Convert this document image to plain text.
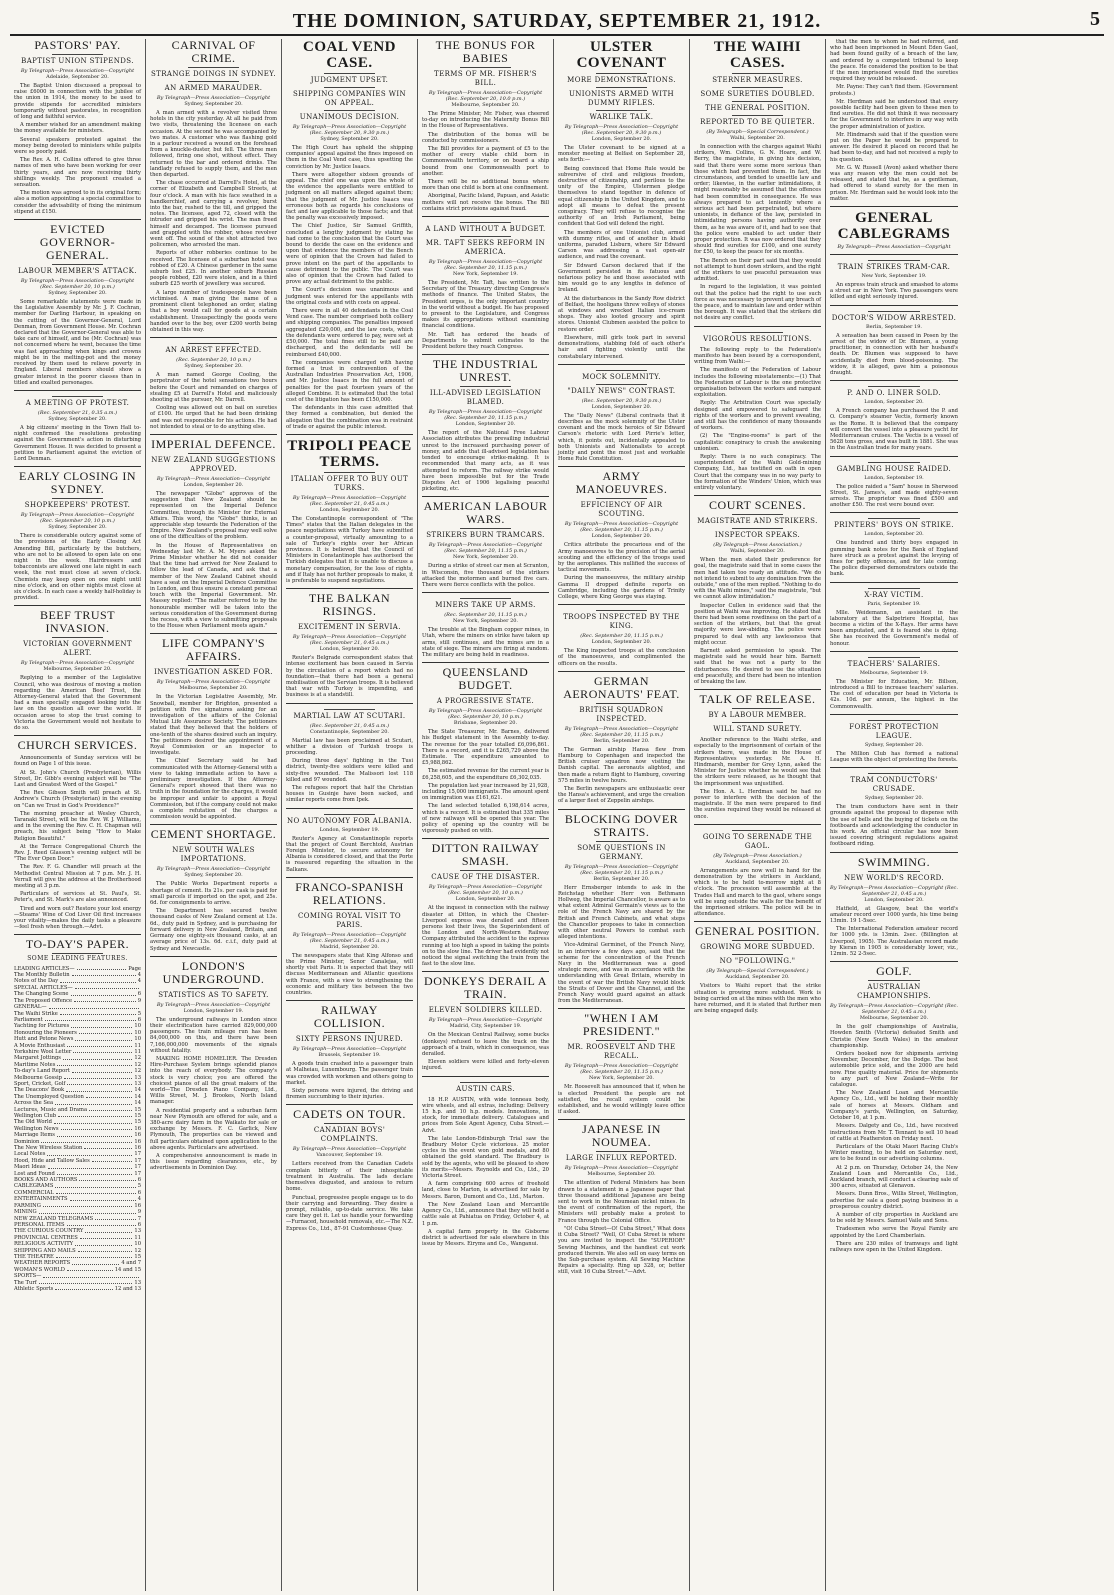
THE DOMINION, SATURDAY, SEPTEMBER 21, 1912.	5
PASTORS' PAY.
BAPTIST UNION STIPENDS.
By Telegraph—Press Association—Copyright
Adelaide, September 20.

The Baptist Union discussed a proposal to raise £6000 in connection with the jubilee of the union in 1914, the money to be used to provide stipends for accredited ministers temporarily without pastorates, in recognition of long and faithful service.

A member wished for an amendment making the money available for ministers.

Several speakers protested against the money being devoted to ministers while pulpits were so poorly paid.

The Rev. A. H. Collins offered to give three names of men who have been working for over thirty years, and are now receiving thirty shillings weekly. The proponent created a sensation.

The motion was agreed to in its original form; also a motion appointing a special committee to consider the advisability of fixing the minimum stipend at £150.

EVICTED GOVERNOR-GENERAL.
LABOUR MEMBER'S ATTACK.
By Telegraph—Press Association—Copyright (Rec. September 20, 10 p.m.)
Sydney, September 20.

Some remarkable statements were made in the Legislative Assembly by Mr. J. F. Cochran, member for Darling Harbour, in speaking on the cutting of the Governor-General, Lord Denman, from Government House. Mr. Cochran declared that the Governor-General was able to take care of himself, and he (Mr. Cochran) was not concerned where he went, because the time was fast approaching when kings and crowns might be in the melting-pot and the money received by them used to relieve poverty in England. Liberal members should show a greater interest in the poorer classes than in titled and exalted personages.

A MEETING OF PROTEST.
(Rec. September 21, 0.35 a.m.)
Sydney, September 20.

A big citizens' meeting in the Town Hall to-night confirmed the resolutions protesting against the Government's action in disturbing Government House. It was decided to present a petition to Parliament against the eviction of Lord Denman.

EARLY CLOSING IN SYDNEY.
SHOPKEEPERS' PROTEST.
By Telegraph—Press Association—Copyright (Rec. September 20, 10 p.m.)
Sydney, September 20.

There is considerable outcry against some of the provisions of the Early Closing Act Amending Bill, particularly by the butchers, who are not to be allowed to open late on one night in the week. Hairdressers and tobacconists are allowed one late night in each week, the rest must close at seven o'clock. Chemists may keep open on one night until nine o'clock, and on other nights must close at six o'clock. In each case a weekly half-holiday is provided.

BEEF TRUST INVASION.
VICTORIAN GOVERNMENT ALERT.
By Telegraph—Press Association—Copyright
Melbourne, September 20.

Replying to a member of the Legislative Council, who was desirous of moving a motion regarding the American Beef Trust, the Attorney-General stated that the Government had a man specially engaged looking into the law on the question all over the world. If occasion arose to stop the trust coming to Victoria the Government would not hesitate to do so.

CHURCH SERVICES.

Announcements of Sunday services will be found on Page 1 of this issue.

At St. John's Church (Presbyterian), Willis Street, Dr. Gibb's evening subject will be "The Last and Greatest Word of the Gospel."

The Rev. Gibson Smith will preach at St. Andrew's Church (Presbyterian) in the evening on "Can we Trust in God's Providence?"

The morning preacher at Wesley Church, Taranaki Street, will be the Rev. W. J. Williams, and in the evening the Rev. C. H. Chapman will preach, his subject being "How to Make Religion Beautiful."

At the Terrace Congregational Church the Rev. J. Reed Glasson's evening subject will be "The Ever Open Door."

The Rev. F. G. Chandler will preach at the Methodist Central Mission at 7 p.m. Mr. J. H. Verrall will give the address at the Brotherhood meeting at 3 p.m.

Particulars of services at St. Paul's, St. Peter's, and St. Mark's are also announced.

Tired and worn out? Restore your lost energy—Steams' Wine of Cod Liver Oil first increases your vitality—makes the daily tasks a pleasure—feel fresh when through.—Advt.

TO-DAY'S PAPER.
SOME LEADING FEATURES.
LEADING ARTICLES—	Page
The Monthly Bulletin	4
Notes of the Day	4
SPECIAL ARTICLES—
The Changing Scene	6
The Proposed Offence	9
GENERAL—
The Waihi Strike	5
Parliament	6
Yachting for Pictures	10
Honouring the Pioneers	10
Hutt and Petone News	10
A Movie Enthusiast	11
Yorkshire Wool Letter	11
Margaret Jottings	12
Maritime Notes	12
To-day's Land Report	12
Melbourne Gossip	13
Sport, Cricket, Golf	13
The Deacons' Book	14
The Unemployed Question	14
Across the Sea	14
Lectures, Music and Drama	15
Wellington Club	15
The Old World	15
Wellington News	16
Marriage Items	16
Dominion	16
The New Wireless Station	16
Local Notes	17
Hood, Hide and Tallow Sales	17
Maori Ideas	17
Lost and Found	17
BOOKS AND AUTHORS	6
CABLEGRAMS	5
COMMERCIAL	6
ENTERTAINMENTS	4
FARMING	16
MINING	9
NEW ZEALAND TELEGRAMS	7
PERSONAL ITEMS	6
THE CURIOUS COUNTRY	13
PROVINCIAL CENTRES	11
RELIGIOUS ACTIVITY	10
SHIPPING AND MAILS	12
THE THEATRE	15
WEATHER REPORTS	4 and 7
WOMAN'S WORLD	14 and 15
SPORTS—
The Turf	13
Athletic Sports	12 and 13
CARNIVAL OF CRIME.
STRANGE DOINGS IN SYDNEY.
AN ARMED MARAUDER.
By Telegraph—Press Association—Copyright
Sydney, September 20.

A man armed with a revolver visited three hotels in the city yesterday. At all he paid from two visits, threatening the licensee on each occasion. At the second he was accompanied by two mates. A customer who was flashing gold in a parlour received a wound on the forehead from a knuckle-duster, but fell. The three men followed, firing one shot, without effect. They returned to the bar and ordered drinks. The landlady refused to supply them, and the men then departed.

The chase occurred at Darrell's Hotel, at the corner of Elizabeth and Campbell Streets, at four o'clock. A man with his face swathed in a handkerchief, and carrying a revolver, burst into the bar, rushed to the till, and gripped the notes. The licensee, aged 72, closed with the intruder and gripped his wrist. The man freed himself and decamped. The licensee pursued and grappled with the robber, whose revolver went off. The sound of the shot attracted two policemen, who arrested the man.

Reports of other robberies continue to be received. The licensee of a suburban hotel was robbed of £20. A Chinese gardener in the same suburb lost £25. In another suburb Russian people robbed, £20 were stolen, and in a third suburb £25 worth of jewellery was secured.

A large number of tradespeople have been victimised. A man giving the name of a prominent client telephoned an order, stating that a boy would call for goods at a certain establishment. Unsuspectingly the goods were handed over to the boy, over £200 worth being obtained in this way.

AN ARREST EFFECTED.
(Rec. September 20, 10 p.m.)
Sydney, September 20.

A man named George Cooling, the perpetrator of the hotel sensations two hours before the Court and remanded on charges of stealing £5 at Darrell's Hotel and maliciously shooting at the pursuer, Mr. Darrell.

Cooling was allowed out on bail on sureties of £100. He urged that he had been drinking and was not responsible for his actions. He had not intended to steal or to do anything else.

IMPERIAL DEFENCE.
NEW ZEALAND SUGGESTIONS APPROVED.
By Telegraph—Press Association—Copyright
London, September 20.

The newspaper "Globe" approves of the suggestion that New Zealand should be represented on the Imperial Defence Committee, through its Minister for External Affairs. This word, the "Globe" thinks, is an appreciable step towards the Federation of the Empire. New Zealand's proposal may well solve one of the difficulties of the problem.

In the House of Representatives on Wednesday last Mr. A. M. Myers asked the Prime Minister whether he did not consider that the time had arrived for New Zealand to follow the lead of Canada, and ask that a member of the New Zealand Cabinet should have a seat on the Imperial Defence Committee in London, and thus ensure a constant personal touch with the Imperial Government. Mr. Massey replied: "The matter referred to by the honourable member will be taken into the serious consideration of the Government during the recess, with a view to submitting proposals to the House when Parliament meets again."

LIFE COMPANY'S AFFAIRS.
INVESTIGATION ASKED FOR.
By Telegraph—Press Association—Copyright
Melbourne, September 20.

In the Victorian Legislative Assembly, Mr. Snowball, member for Brighton, presented a petition with five signatures asking for an investigation of the affairs of the Colonial Mutual Life Assurance Society. The petitioners stated that they believed that the holders of one-tenth of the shares desired such an inquiry. The petitioners desired the appointment of a Royal Commission or an inspector to investigate.

The Chief Secretary said he had communicated with the Attorney-General with a view to taking immediate action to have a preliminary investigation. If the Attorney-General's report showed that there was no truth in the foundation for the charges, it would be improper and unfair to appoint a Royal Commission, but if the company could not make a complete refutation of the charges a commission would be appointed.

CEMENT SHORTAGE.
NEW SOUTH WALES IMPORTATIONS.
By Telegraph—Press Association—Copyright
Sydney, September 20.

The Public Works Department reports a shortage of cement. Its 21s. per cask is paid for small parcels if imported on the spot, and 25s. 6d. for consignments to arrive.

The Department has secured twelve thousand casks of New Zealand cement at 13s. 6d., duty paid in Sydney, and is purchasing for forward delivery in New Zealand, Britain, and Germany one eighty-six thousand casks, at an average price of 13s. 6d. c.i.f., duty paid at Sydney and Newcastle.

LONDON'S UNDERGROUND.
STATISTICS AS TO SAFETY.
By Telegraph—Press Association—Copyright
London, September 19.

The underground railways in London since their electrification have carried 829,000,000 passengers. The train mileage run has been 84,000,000 on this, and there have been 7,166,000,000 movements of the signals without fatality.

MAKING HOME HOMELIER. The Dresden Hire-Purchase System brings splendid pianos into the reach of everybody. The company's stock is very choice; you are offered the choicest pianos of all the great makers of the world—The Dresden Piano Company, Ltd., Willis Street, M. J. Brookes, North Island manager.

A residential property and a suburban farm near New Plymouth are offered for sale, and a 380-acre dairy farm in the Waikato for sale or exchange by Messrs. F. C. Garlick, New Plymouth, The properties can be viewed and full particulars obtained upon application to the above agents. Particulars are advertised.

A comprehensive announcement is made in this issue regarding clearances, etc., by advertisements in Dominion Day.

COAL VEND CASE.
JUDGMENT UPSET.
SHIPPING COMPANIES WIN ON APPEAL.
UNANIMOUS DECISION.
By Telegraph—Press Association—Copyright (Rec. September 20, 9.30 p.m.)
Sydney, September 20.

The High Court has upheld the shipping companies' appeal against the fines imposed on them in the Coal Vend case, thus upsetting the conviction by Mr. Justice Isaacs.

There were altogether sixteen grounds of appeal. The chief one was upon the whole of the evidence the appellants were entitled to judgment on all matters alleged against them; that the judgment of Mr. Justice Isaacs was erroneous both as regards his conclusions of fact and law applicable to those facts; and that the penalty was excessively imposed.

The Chief Justice, Sir Samuel Griffith, concluded a lengthy judgment by stating he had come to the conclusion that the Court was bound to decide the case on the evidence and upon that evidence the members of the Bench were of opinion that the Crown had failed to prove intent on the part of the appellants to cause detriment to the public. The Court was also of opinion that the Crown had failed to prove any actual detriment to the public.

The Court's decision was unanimous and judgment was entered for the appellants with the original costs and with costs on appeal.

There were in all 40 defendants in the Coal Vend case. The number comprised both colliery and shipping companies. The penalties imposed aggregated £20,000, and the law costs, which the defendants were ordered to pay, were set at £50,000. The total fines still to be paid are discharged, and the defendants will be reimbursed £40,000.

The companies were charged with having formed a trust in contravention of the Australian Industries Preservation Act, 1906, and Mr. Justice Isaacs in the full amount of penalties for the past fourteen years of the alleged Combine. It is estimated that the total cost of the litigation has been £150,000.

The defendants in this case admitted that they formed a combination, but denied the allegation that the combination was in restraint of trade or against the public interest.

TRIPOLI PEACE TERMS.
ITALIAN OFFER TO BUY OUT TURKS.
By Telegraph—Press Association—Copyright (Rec. September 21, 0.45 a.m.)
London, September 20.

The Constantinople correspondent of "The Times" states that the Italian delegates in the peace negotiations with Turkey have submitted a counter-proposal, virtually amounting to a sale of Turkey's rights over her African provinces. It is believed that the Council of Ministers in Constantinople has authorised the Turkish delegates that it is unable to discuss a monetary compensation, for the loss of rights, and if Italy has not further proposals to make, it is preferable to suspend negotiations.

THE BALKAN RISINGS.
EXCITEMENT IN SERVIA.
By Telegraph—Press Association—Copyright (Rec. September 21, 0.45 a.m.)
London, September 20.

Reuter's Belgrade correspondent states that intense excitement has been caused in Servia by the circulation of a report which had no foundation—that there had been a general mobilisation of the Servian troops. It is believed that war with Turkey is impending, and business is at a standstill.

MARTIAL LAW AT SCUTARI.
(Rec. September 21, 0.45 a.m.)
Constantinople, September 20.

Martial law has been proclaimed at Scutari, whither a division of Turkish troops is proceeding.

During three days' fighting in the Tusi district, twenty-five soldiers were killed and sixty-five wounded. The Malissori lost 118 killed and 97 wounded.

The refugees report that half the Christian houses in Gusinje have been sacked, and similar reports come from Ipek.

NO AUTONOMY FOR ALBANIA.
London, September 19.

Reuter's Agency at Constantinople reports that the project of Count Berchtold, Austrian Foreign Minister, to secure autonomy for Albania is considered closed, and that the Porte is reassured regarding the situation in the Balkans.

FRANCO-SPANISH RELATIONS.
COMING ROYAL VISIT TO PARIS.
By Telegraph—Press Association—Copyright (Rec. September 21, 0.45 a.m.)
Madrid, September 20.

The newspapers state that King Alfonso and the Prime Minister, Senor Canalejas, will shortly visit Paris. It is expected that they will discuss Mediterranean and Atlantic questions with France, with a view to strengthening the economic and military ties between the two countries.

RAILWAY COLLISION.
SIXTY PERSONS INJURED.
By Telegraph—Press Association—Copyright
Brussels, September 19.

A goods train crashed into a passenger train at Malheiau, Luxembourg. The passenger train was crowded with workmen and others going to market.

Sixty persons were injured, the driving and firemen succumbing to their injuries.

CADETS ON TOUR.
CANADIAN BOYS' COMPLAINTS.
By Telegraph—Press Association—Copyright
Vancouver, September 19.

Letters received from the Canadian Cadets complain bitterly of their inhospitable treatment in Australia. The lads declare themselves disgusted, and anxious to return home.

Punctual, progressive people engage us to do their carrying and forwarding. They desire a prompt, reliable, up-to-date service. We take care they get it. Let us handle your forwarding—Furnaced, household removals, etc.—The N.Z. Express Co., Ltd., 87-91 Customhouse Quay.

THE BONUS FOR BABIES
TERMS OF MR. FISHER'S BILL.
By Telegraph—Press Association—Copyright (Rec. September 20, 10.0 p.m.)
Melbourne, September 20.

The Prime Minister, Mr. Fisher, was cheered to-day on introducing the Maternity Bonus Bill in the House of Representatives.

The distribution of the bonus will be conducted by commissioners.

The Bill provides for a payment of £5 to the mother of every viable child born in Commonwealth territory, or on board a ship bound from one Commonwealth port to another.

There will be no additional bonus where more than one child is born at one confinement.

Aboriginal, Pacific Island, Papuan, and Asiatic mothers will not receive the bonus. The Bill contains strict provisions against fraud.

A LAND WITHOUT A BUDGET.
MR. TAFT SEEKS REFORM IN AMERICA.
By Telegraph—Press Association—Copyright (Rec. September 20, 11.15 p.m.)
New York, September 19.

The President, Mr. Taft, has written to the Secretary of the Treasury directing Congress's methods of finance. The United States, the President urges, is the only important country in the world without a budget. He has proposed to present to the Legislature, and Congress makes its appropriations without examining financial conditions.

Mr. Taft has ordered the heads of Departments to submit estimates to the President before they reach Congress.

THE INDUSTRIAL UNREST.
ILL-ADVISED LEGISLATION BLAMED.
By Telegraph—Press Association—Copyright (Rec. September 20, 11.15 p.m.)
London, September 20.

The report of the National Free Labour Association attributes the prevailing industrial unrest to the increased purchasing power of money, and adds that ill-advised legislation has tended to encourage strike-making. It is recommended that many acts, as it was attempted to reform. The railway strike would have been impossible but for the Trade Disputes Act of 1906 legalising peaceful picketing, etc.

AMERICAN LABOUR WARS.
STRIKERS BURN TRAMCARS.
By Telegraph—Press Association—Copyright (Rec. September 20, 11.15 p.m.)
New York, September 20.

During a strike of street car men at Scranton, in Wisconsin, five thousand of the strikers attacked the motormen and burned five cars. There were fierce conflicts with the police.

MINERS TAKE UP ARMS.
(Rec. September 20, 11.15 p.m.)
New York, September 20.

The trouble at the Bingham copper mines, in Utah, where the miners on strike have taken up arms, still continues, and the mines are in a state of siege. The miners are firing at random. The military are being held in readiness.

QUEENSLAND BUDGET.
A PROGRESSIVE STATE.
By Telegraph—Press Association—Copyright (Rec. September 20, 10 p.m.)
Brisbane, September 20.

The State Treasurer, Mr. Barnes, delivered his Budget statement in the Assembly to-day. The revenue for the year totalled £6,096,861. There is a record, and it is £265,729 above the Estimate. The expenditure amounted to £5,988,862.

The estimated revenue for the current year is £6,258,605, and the expenditure £6,302,035.

The population last year increased by 21,928, including 15,000 immigrants. The amount spent on immigration was £161,621.

The land selected totalled 6,198,614 acres, which is a record. It is estimated that 335 miles of new railways will be opened this year. The policy of opening up the country will be vigorously pushed on with.

DITTON RAILWAY SMASH.
CAUSE OF THE DISASTER.
By Telegraph—Press Association—Copyright (Rec. September 20, 10 p.m.)
London, September 20.

At the inquest in connection with the railway disaster at Ditton, in which the Chester-Liverpool express was derailed and fifteen persons lost their lives, the Superintendent of the London and North-Western Railway Company attributed the accident to the express running at too high a speed in taking the points on to the slow line. The driver had evidently not noticed the signal switching the train from the fast to the slow line.

DONKEYS DERAIL A TRAIN.
ELEVEN SOLDIERS KILLED.
By Telegraph—Press Association—Copyright
Madrid, City, September 19.

On the Mexican Central Railway, some bucks (donkeys) refused to leave the track on the approach of a train, which in consequence, was derailed.

Eleven soldiers were killed and forty-eleven injured.

AUSTIN CARS.

18 H.P. AUSTIN, with wide tonneau body, wire wheels, and all extras, including: Delivery 15 h.p. and 10 h.p. models. Innovations, in stock, for immediate delivery. Catalogues and prices from Sole Agent Agency, Cuba Street.—Advt.

The late London-Edinburgh Trial saw the Bradbury Motor Cycle victorious. 25 motor cycles in the event won gold medals, and 80 obtained the gold standard. The Bradbury is sold by the agents, who will be pleased to show its merits—Messrs. Reynolds and Co., Ltd., 20 Victoria Street.

A farm comprising 600 acres of freehold land, close to Marton, is advertised for sale by Messrs. Baron, Dumont and Co., Ltd., Marton.

The New Zealand Loan and Mercantile Agency Co., Ltd., announce that they will hold a cattle sale at Pahiatua on Friday, October 4, at 1 p.m.

A capital farm property in the Gisborne district is advertised for sale elsewhere in this issue by Messrs. Eiryms and Co., Wanganui.

ULSTER COVENANT
MORE DEMONSTRATIONS.
UNIONISTS ARMED WITH DUMMY RIFLES.
WARLIKE TALK.
By Telegraph—Press Association—Copyright (Rec. September 20, 9.30 p.m.)
London, September 20.

The Ulster covenant to be signed at a monster meeting at Belfast on September 28, sets forth:—

Being convinced that Home Rule would be subversive of civil and religious freedom, destructive of citizenship, and perilous to the unity of the Empire, Ulstermen pledge themselves to stand together in defence of equal citizenship in the United Kingdom, and to adopt all means to defeat the present conspiracy. They will refuse to recognise the authority of an Irish Parliament, being confident that God will defend the right.

The members of one Unionist club, armed with dummy rifles, and of another in khaki uniforms, paraded Lisburn, where Sir Edward Carson was addressing a vast open-air audience, and read the covenant.

Sir Edward Carson declared that if the Government persisted in its fatuous and nefarious policy he and those associated with him would go to any lengths in defence of Ireland.

At the disturbances in the Sandy Row district of Belfast, the hooligans threw volleys of stones at windows and wrecked Italian ice-cream shops. They also looted grocery and spirit stores. Unionist Clubmen assisted the police to restore order.

Elsewhere, mill girls took part in several demonstrations, stabbing fold of each other's hair and fighting violently until the constabulary intervened.

MOCK SOLEMNITY.
"DAILY NEWS" CONTRAST.
(Rec. September 20, 9.30 p.m.)
London, September 20.

The "Daily News" (Liberal contrasts that it describes as the mock solemnity of the Ulster covenant and the mock heroics of Sir Edward Carson's rhetoric with Lord Pirrie's letter, which, it points out, incidentally appealed to both Unionists and Nationalists to accept jointly and point the most just and workable Home Rule Constitution.

ARMY MANOEUVRES.
EFFICIENCY OF AIR SCOUTING.
By Telegraph—Press Association—Copyright (Rec. September 20, 11.15 p.m.)
London, September 20.

Critics attribute the precarious end of the Army manoeuvres to the precision of the aerial scouting and the efficiency of the troops used by the aeroplanes. This nullified the success of tactical movements.

During the manoeuvres, the military airship Gamma II dropped definite reports on Cambridge, including the gardens of Trinity College, where King George was staying.

TROOPS INSPECTED BY THE KING.
(Rec. September 20, 11.15 p.m.)
London, September 20.

The King inspected troops at the conclusion of the manoeuvres, and complimented the officers on the results.

GERMAN AERONAUTS' FEAT.
BRITISH SQUADRON INSPECTED.
By Telegraph—Press Association—Copyright (Rec. September 20, 11.15 p.m.)
Berlin, September 20.

The German airship Hansa flew from Hamburg to Copenhagen and inspected the British cruiser squadron now visiting the Danish capital. The aeronauts alighted, and then made a return flight to Hamburg, covering 575 miles in twelve hours.

The Berlin newspapers are enthusiastic over the Hansa's achievement, and urge the creation of a larger fleet of Zeppelin airships.

BLOCKING DOVER STRAITS.
SOME QUESTIONS IN GERMANY.
By Telegraph—Press Association—Copyright (Rec. September 20, 11.15 p.m.)
Berlin, September 20.

Herr Ernsberger intends to ask in the Reichstag whether Herr von Bethmann Hollweg, the Imperial Chancellor, is aware as to what extent Admiral Germain's views as to the role of the French Navy are shared by the British and French Cabinets, and what steps the Chancellor proposes to take in connection with other neutral Powers to combat such alleged intentions.

Vice-Admiral Germinet, of the French Navy, in an interview a few days ago, said that the scheme for the concentration of the French Navy in the Mediterranean was a good strategic move, and was in accordance with the understanding with Great Britain, whereby in the event of war the British Navy would block the Straits of Dover and the Channel, and the French Navy would guard against an attack from the Mediterranean.

"WHEN I AM PRESIDENT."
MR. ROOSEVELT AND THE RECALL.
By Telegraph—Press Association—Copyright (Rec. September 20, 11.15 p.m.)
New York, September 20.

Mr. Roosevelt has announced that if, when he is elected President the people are not satisfied, the recall system could be established, and he would willingly leave office if asked.

JAPANESE IN NOUMEA.
LARGE INFLUX REPORTED.
By Telegraph—Press Association—Copyright
Melbourne, September 20.

The attention of Federal Ministers has been drawn to a statement in a Japanese paper that three thousand additional Japanese are being sent to work in the Noumean nickel mines. In the event of confirmation of the report, the Ministers will probably make a protest to France through the Colonial Office.

"O! Cuba Street—O! Cuba Street," What does it Cuba Street? "Well, O! Cuba Street is where you are invited to inspect the "SUPERIOR" Sewing Machines, and the handiest cut work produced therein. We also sell on easy terms on the Sub-purchase system. All Sewing Machine Repairs a speciality. Ring up 328, or, better still, visit 16 Cuba Street."—Advt.

THE WAIHI CASES.
STERNER MEASURES.
SOME SURETIES DOUBLED.
THE GENERAL POSITION.
REPORTED TO BE QUIETER.
(By Telegraph—Special Correspondent.)
Waihi, September 20.

In connection with the charges against Waihi strikers, Wm. Collins, G. N. Hoare, and W. Berry, the magistrate, in giving his decision, said that there were some more serious than those which had prevented them. In fact, the circumstances, and tended to unsettle law and order; likewise, in the earlier intimidations, it might reasonably be assumed that the offences had been committed in consequence. He was always prepared to act leniently where a serious act had been perpetrated, but where unionists, in defiance of the law, persisted in intimidating persons having authority over them, as he was aware of it, and had to see that the police were enabled to act under their proper protection. It was now ordered that they should find sureties for £100, and one surety for £50, to keep the peace for six months.

The Bench on their part said that they would not attempt to hunt down strikers, and the right of the strikers to use peaceful persuasion was admitted.

In regard to the legislation, it was pointed out that the police had the right to use such force as was necessary to prevent any breach of the peace, and to maintain law and order within the borough. It was stated that the strikers did not desire any conflict.

VIGOROUS RESOLUTIONS.

The following reply to the Federation's manifesto has been issued by a correspondent, writing from Waihi:—

The manifesto of the Federation of Labour includes the following misstatements:—(1) That the Federation of Labour is the one protective organisation between the workers and rampant exploitation.

Reply: The Arbitration Court was specially designed and empowered to safeguard the rights of the workers and to prevent sweating, and still has the confidence of many thousands of workers.

(2) The "Engine-rooms" is part of the capitalistic conspiracy to crush the awakening unionism.

Reply: There is no such conspiracy. The superintendent of the Waihi Gold-mining Company, Ltd., has testified on oath in open Court that the company was in no way party to the formation of the Winders' Union, which was entirely voluntary.

COURT SCENES.
MAGISTRATE AND STRIKERS.
INSPECTOR SPEAKS.
(By Telegraph—Press Association.)
Waihi, September 20.

When the men stated their preference for goal, the magistrate said that in some cases the men had taken too ready an attitude. "We do not intend to submit to any domination from the outside," one of the men replied. "Nothing to do with the Waihi mines," said the magistrate, "but we cannot allow intimidation."

Inspector Cullen in evidence said that the position at Waihi was improving. He stated that there had been some rowdiness on the part of a section of the strikers, but that the great majority were law-abiding. The police were prepared to deal with any lawlessness that might occur.

Barnett asked permission to speak. The magistrate said he would hear him. Barnett said that he was not a party to the disturbances. He desired to see the situation end peacefully, and there had been no intention of breaking the law.

TALK OF RELEASE.
BY A LABOUR MEMBER.
WILL STAND SURETY.

Another reference to the Waihi strike, and especially to the imprisonment of certain of the strikers there, was made in the House of Representatives yesterday. Mr. A. H. Hindmarsh, member for Grey Lynn, asked the Minister for Justice whether he would see that the strikers were released, as he thought that the imprisonment was unjustified.

The Hon. A. L. Herdman said he had no power to interfere with the decision of the magistrate. If the men were prepared to find the sureties required they would be released at once.

GOING TO SERENADE THE GAOL.
(By Telegraph—Press Association.)
Auckland, September 20.

Arrangements are now well in hand for the demonstration by the strikers in Auckland, which is to be held to-morrow night at 8 o'clock. The procession will assemble at the Trades Hall and march to the gaol, where songs will be sung outside the walls for the benefit of the imprisoned strikers. The police will be in attendance.

GENERAL POSITION.
GROWING MORE SUBDUED.
NO "FOLLOWING."
(By Telegraph—Special Correspondent.)
Auckland, September 20.

Visitors to Waihi report that the strike situation is growing more subdued. Work is being carried on at the mines with the men who have returned, and it is stated that further men are being engaged daily.

that the men to whom he had referred, and who had been imprisoned in Mount Eden Gaol, had been found guilty of a breach of the law, and ordered by a competent tribunal to keep the peace. He considered the position to be that if the men imprisoned would find the sureties required they would be released.

Mr. Payne: They can't find them. (Government protests.)

Mr. Herdman said he understood that every possible facility had been given to these men to find sureties. He did not think it was necessary for the Government to interfere in any way with the proper administration of justice.

Mr. Hindmarsh said that if the question were put on the Paper he would be prepared to answer. He desired it placed on record that he had been to-day, and had not received a reply to his question.

Mr. G. W. Russell (Avon) asked whether there was any reason why the men could not be released, and stated that he, as a gentleman, had offered to stand surety for the men in prison. Mr. Herdman said he would look into the matter.

GENERAL CABLEGRAMS
By Telegraph—Press Association—Copyright
TRAIN STRIKES TRAM-CAR.
New York, September 19.

An express train struck and smashed to atoms a street car in New York. Two passengers were killed and eight seriously injured.

DOCTOR'S WIDOW ARRESTED.
Berlin, September 19.

A sensation has been caused in Posen by the arrest of the widow of Dr. Blumen, a young practitioner, in connection with her husband's death. Dr. Blumen was supposed to have accidentally died from blood-poisoning. The widow, it is alleged, gave him a poisonous draught.

P. AND O. LINER SOLD.
London, September 20.

A French company has purchased the P. and O. Company's steamer Vectis, formerly known as the Rome. It is believed that the company will convert the vessel into a pleasure yacht for Mediterranean cruises. The Vectis is a vessel of 5628 tons gross, and was built in 1881. She was in the Australian trade for many years.

GAMBLING HOUSE RAIDED.
London, September 19.

The police raided a "Sam" house in Sherwood Street, St. James's, and made eighty-seven arrests. The proprietor was fined £500 and another £50. The rest were bound over.

PRINTERS' BOYS ON STRIKE.
London, September 20.

One hundred and thirty boys engaged in gumming bank notes for the Bank of England have struck as a protest against the levying of fines for petty offences, and for late coming. The police dispersed demonstrators outside the bank.

X-RAY VICTIM.
Paris, September 19.

Mlle. Weidemann, an assistant in the laboratory at the Salpetriere Hospital, has become a victim of the X-Rays. Her arms have been amputated, and it is feared she is dying. She has received the Government's medal of honour.

TEACHERS' SALARIES.
Melbourne, September 19.

The Minister for Education, Mr. Billson, introduced a Bill to increase teachers' salaries. The cost of education per head in Victoria is 42s. 10d. per annum, the highest in the Commonwealth.

FOREST PROTECTION LEAGUE.
Sydney, September 20.

The Million Club has formed a national League with the object of protecting the forests.

TRAM CONDUCTORS' CRUSADE.
Sydney, September 20.

The tram conductors have sent in their grounds against the proposal to dispense with the use of bells and the buying of tickets on the footboards and acknowledging the conductor in his work. An official circular has now been issued covering stringent regulations against footboard riding.

SWIMMING.
NEW WORLD'S RECORD.
By Telegraph—Press Association—Copyright (Rec. September 21, 0.45 a.m.)
London, September 20.

Hatfield, at Glasgow, beat the world's amateur record over 1000 yards, his time being 13min. 19 1-5sec.

The International Federation amateur record for 1000 yds. is 13min. 2sec. (Billington at Liverpool, 1905). The Australasian record made by Kieran in 1905 is considerably lower, viz., 12min. 52 2-5sec.

GOLF.
AUSTRALIAN CHAMPIONSHIPS.
By Telegraph—Press Association—Copyright (Rec. September 21, 0.45 a.m.)
Melbourne, September 20.

In the golf championships of Australia, Howden Smith (Victoria) defeated Smith and Christie (New South Wales) in the amateur championship.

Orders booked now for shipments arriving November, December, for the Dodge. The best automobile price sold, and the 2000 are held now. Fine quality material. Price for shipments to any part of New Zealand—Write for catalogue.

The New Zealand Loan and Mercantile Agency Co., Ltd., will be holding their monthly sale of horses at Messrs. Oldham and Company's yards, Wellington, on Saturday, October 16, at 1 p.m.

Messrs. Dalgety and Co., Ltd., have received instructions from Mr. T. Tennant to sell 10 head of cattle at Featherston on Friday next.

Particulars of the Otaki Maori Racing Club's Winter meeting, to be held on Saturday next, are to be found in our advertising columns.

At 2 p.m. on Thursday, October 24, the New Zealand Loan and Mercantile Co., Ltd., Auckland branch, will conduct a clearing sale of 300 acres, situated at Glenavon.

Messrs. Dunn Bros., Willis Street, Wellington, advertise for sale a good paying business in a prosperous country district.

A number of city properties in Auckland are to be sold by Messrs. Samuel Vaile and Sons.

Tradesmen who serve the Royal Family are appointed by the Lord Chamberlain.

There are 230 miles of tramways and light railways now open in the United Kingdom.
